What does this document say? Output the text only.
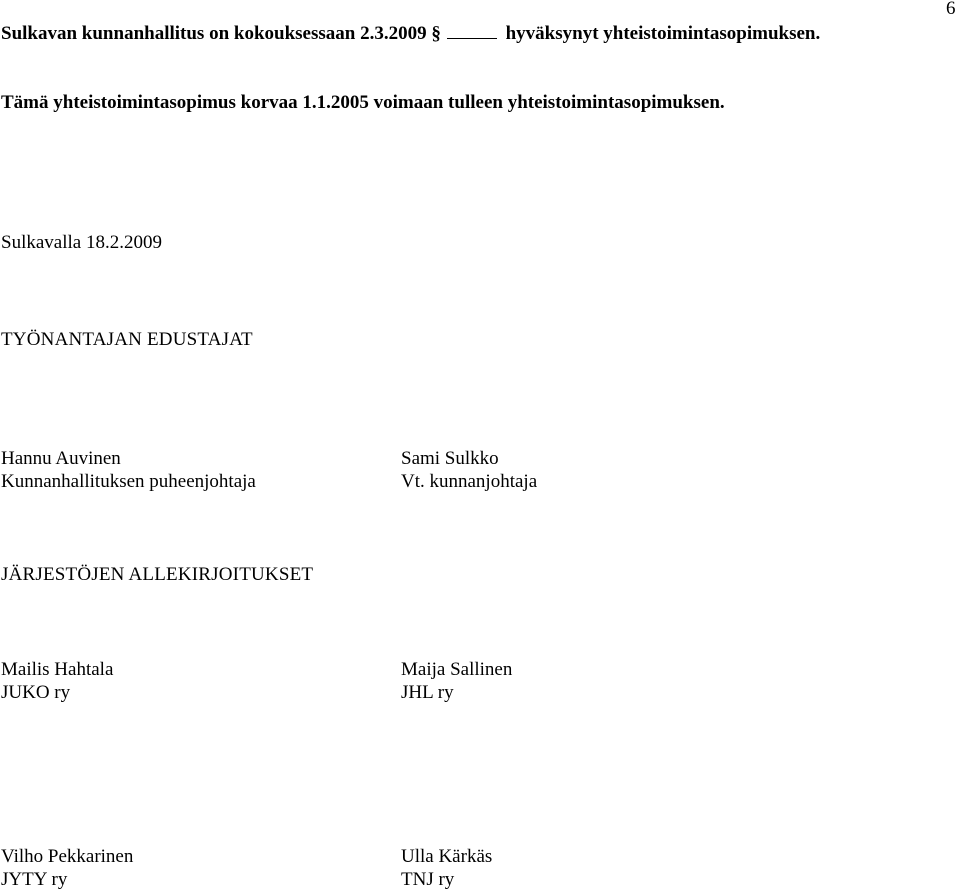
6
Sulkavan kunnanhallitus on kokouksessaan 2.3.2009 §	hyväksynyt yhteistoimintasopimuksen.
Tämä yhteistoimintasopimus korvaa 1.1.2005 voimaan tulleen yhteistoimintasopimuksen.
Sulkavalla 18.2.2009
TYÖNANTAJAN EDUSTAJAT
Hannu Auvinen
Kunnanhallituksen puheenjohtaja
Sami Sulkko
Vt. kunnanjohtaja
JÄRJESTÖJEN ALLEKIRJOITUKSET
Mailis Hahtala
JUKO ry
Maija Sallinen
JHL ry
Vilho Pekkarinen
JYTY ry
Ulla Kärkäs
TNJ ry
